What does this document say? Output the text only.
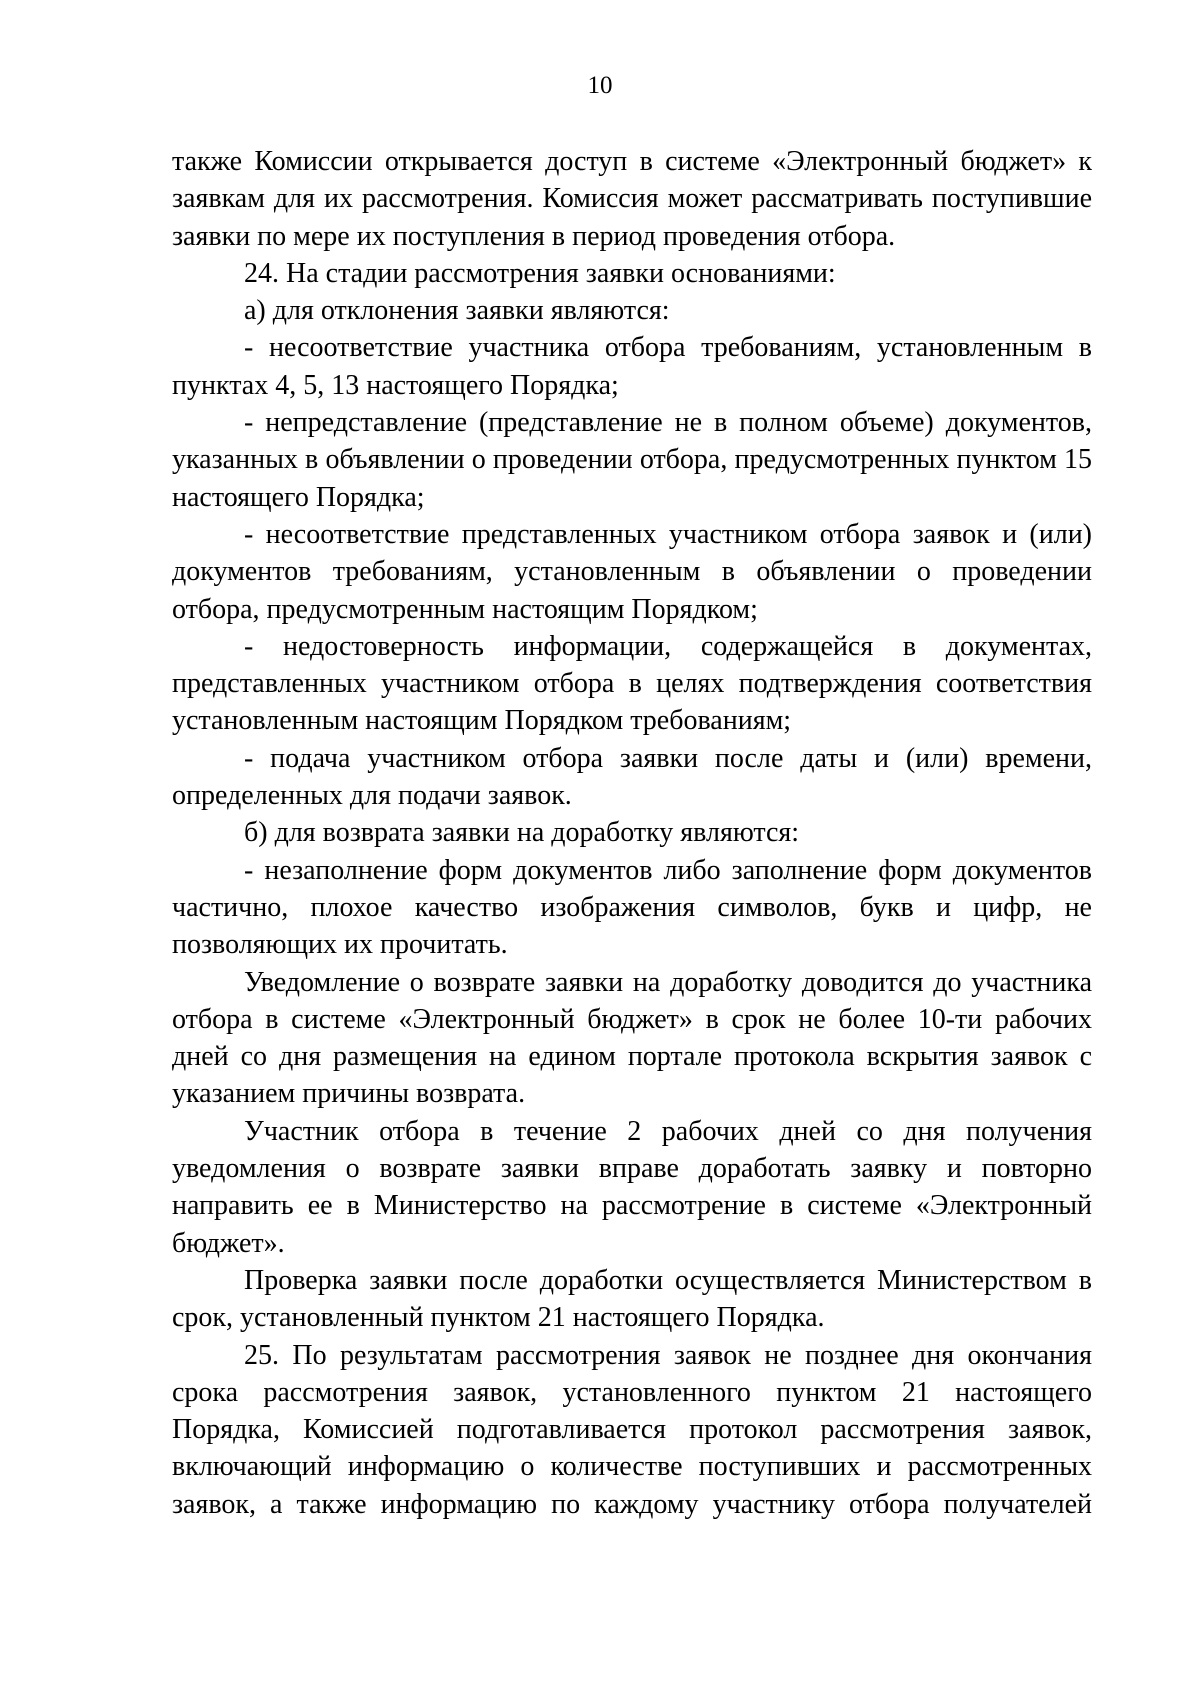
10

также Комиссии открывается доступ в системе «Электронный бюджет» к заявкам для их рассмотрения. Комиссия может рассматривать поступившие заявки по мере их поступления в период проведения отбора.

24. На стадии рассмотрения заявки основаниями:

а) для отклонения заявки являются:

- несоответствие участника отбора требованиям, установленным в пунктах 4, 5, 13 настоящего Порядка;

- непредставление (представление не в полном объеме) документов, указанных в объявлении о проведении отбора, предусмотренных пунктом 15 настоящего Порядка;

- несоответствие представленных участником отбора заявок и (или) документов требованиям, установленным в объявлении о проведении отбора, предусмотренным настоящим Порядком;

- недостоверность информации, содержащейся в документах, представленных участником отбора в целях подтверждения соответствия установленным настоящим Порядком требованиям;

- подача участником отбора заявки после даты и (или) времени, определенных для подачи заявок.

б) для возврата заявки на доработку являются:

- незаполнение форм документов либо заполнение форм документов частично, плохое качество изображения символов, букв и цифр, не позволяющих их прочитать.

Уведомление о возврате заявки на доработку доводится до участника отбора в системе «Электронный бюджет» в срок не более 10-ти рабочих дней со дня размещения на едином портале протокола вскрытия заявок с указанием причины возврата.

Участник отбора в течение 2 рабочих дней со дня получения уведомления о возврате заявки вправе доработать заявку и повторно направить ее в Министерство на рассмотрение в системе «Электронный бюджет».

Проверка заявки после доработки осуществляется Министерством в срок, установленный пунктом 21 настоящего Порядка.

25. По результатам рассмотрения заявок не позднее дня окончания срока рассмотрения заявок, установленного пунктом 21 настоящего Порядка, Комиссией подготавливается протокол рассмотрения заявок, включающий информацию о количестве поступивших и рассмотренных заявок, а также информацию по каждому участнику отбора получателей
